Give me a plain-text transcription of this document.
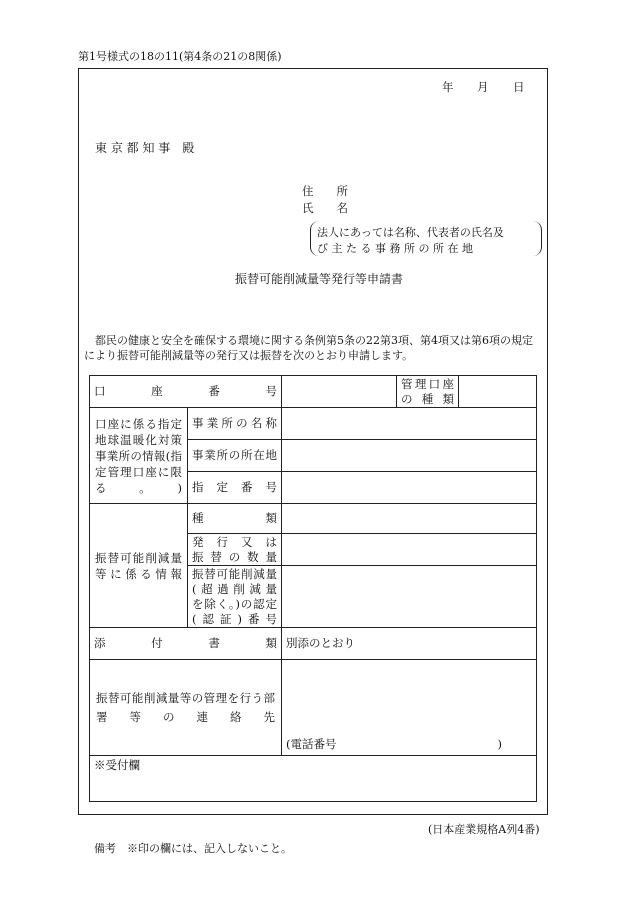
第1号様式の18の11(第4条の21の8関係)
年 月 日
東 京 都 知 事　殿
住　　所
氏　　名
法人にあっては名称、代表者の氏名及
び 主 た る 事 務 所 の 所 在 地
振替可能削減量等発行等申請書
都民の健康と安全を確保する環境に関する条例第5条の22第3項、第4項又は第6項の規定
により振替可能削減量等の発行又は振替を次のとおり申請します。
口　　　座　　　番　　　号			管理口座
の 種 類	

口座に係る指定地球温暖化対策事業所の情報(指定管理口座に限る。)	事業所の名称			
	事業所の所在地			
	指定番号			

振替可能削減量等に係る情報	種類			

	発行又は
振替の数量			

	振替可能削減量
(超過削減量
を除く。)の認定
(認証)番号			

添　　　付　　　書　　　類		別添のとおり		

振替可能削減量等の管理を行う部署等の連絡先		(電話番号 )		

※受付欄				
(日本産業規格A列4番)
備考　※印の欄には、記入しないこと。
